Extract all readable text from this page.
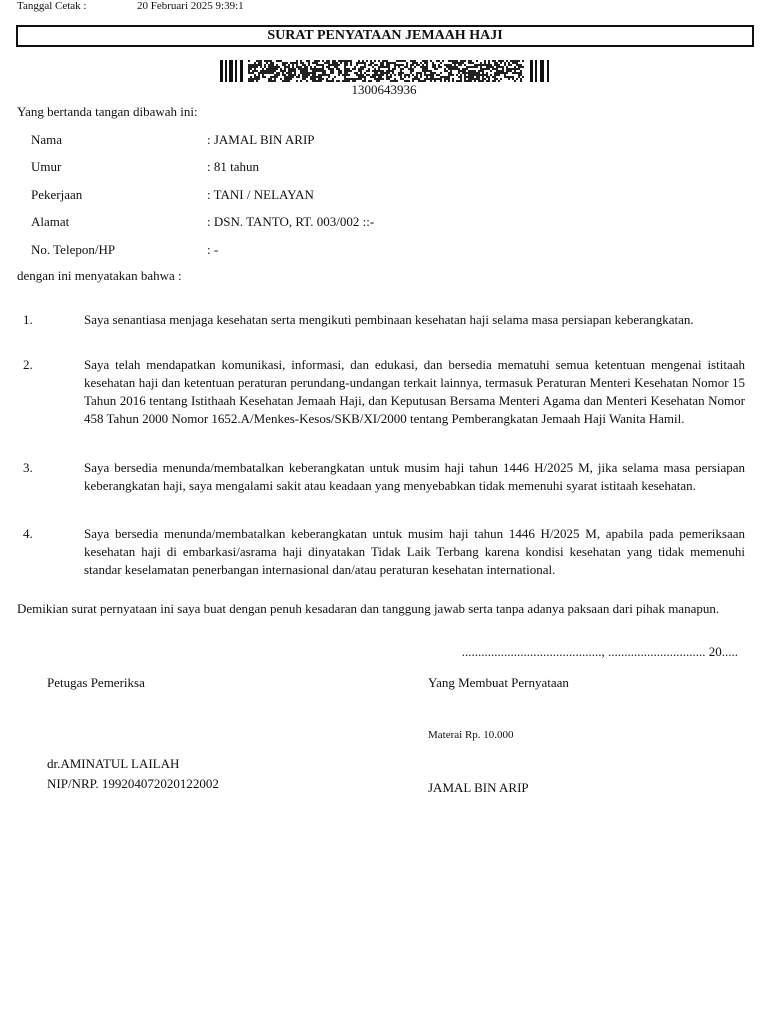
Tanggal Cetak :	20 Februari 2025 9:39:1
SURAT PENYATAAN JEMAAH HAJI
1300643936
Yang bertanda tangan dibawah ini:
Nama	: JAMAL BIN ARIP
Umur	: 81 tahun
Pekerjaan	: TANI / NELAYAN
Alamat	: DSN. TANTO, RT. 003/002 ::-
No. Telepon/HP	: -
dengan ini menyatakan bahwa :
1.	Saya senantiasa menjaga kesehatan serta mengikuti pembinaan kesehatan haji selama masa persiapan keberangkatan.
2.	Saya telah mendapatkan komunikasi, informasi, dan edukasi, dan bersedia mematuhi semua ketentuan mengenai istitaah kesehatan haji dan ketentuan peraturan perundang-undangan terkait lainnya, termasuk Peraturan Menteri Kesehatan Nomor 15 Tahun 2016 tentang Istithaah Kesehatan Jemaah Haji, dan Keputusan Bersama Menteri Agama dan Menteri Kesehatan Nomor 458 Tahun 2000 Nomor 1652.A/Menkes-Kesos/SKB/XI/2000 tentang Pemberangkatan Jemaah Haji Wanita Hamil.
3.	Saya bersedia menunda/membatalkan keberangkatan untuk musim haji tahun 1446 H/2025 M, jika selama masa persiapan keberangkatan haji, saya mengalami sakit atau keadaan yang menyebabkan tidak memenuhi syarat istitaah kesehatan.
4.	Saya bersedia menunda/membatalkan keberangkatan untuk musim haji tahun 1446 H/2025 M, apabila pada pemeriksaan kesehatan haji di embarkasi/asrama haji dinyatakan Tidak Laik Terbang karena kondisi kesehatan yang tidak memenuhi standar keselamatan penerbangan internasional dan/atau peraturan kesehatan international.
Demikian surat pernyataan ini saya buat dengan penuh kesadaran dan tanggung jawab serta tanpa adanya paksaan dari pihak manapun.
..........................................., .............................. 20.....
Petugas Pemeriksa	Yang Membuat Pernyataan
Materai Rp. 10.000
dr.AMINATUL LAILAH
NIP/NRP. 199204072020122002	JAMAL BIN ARIP
